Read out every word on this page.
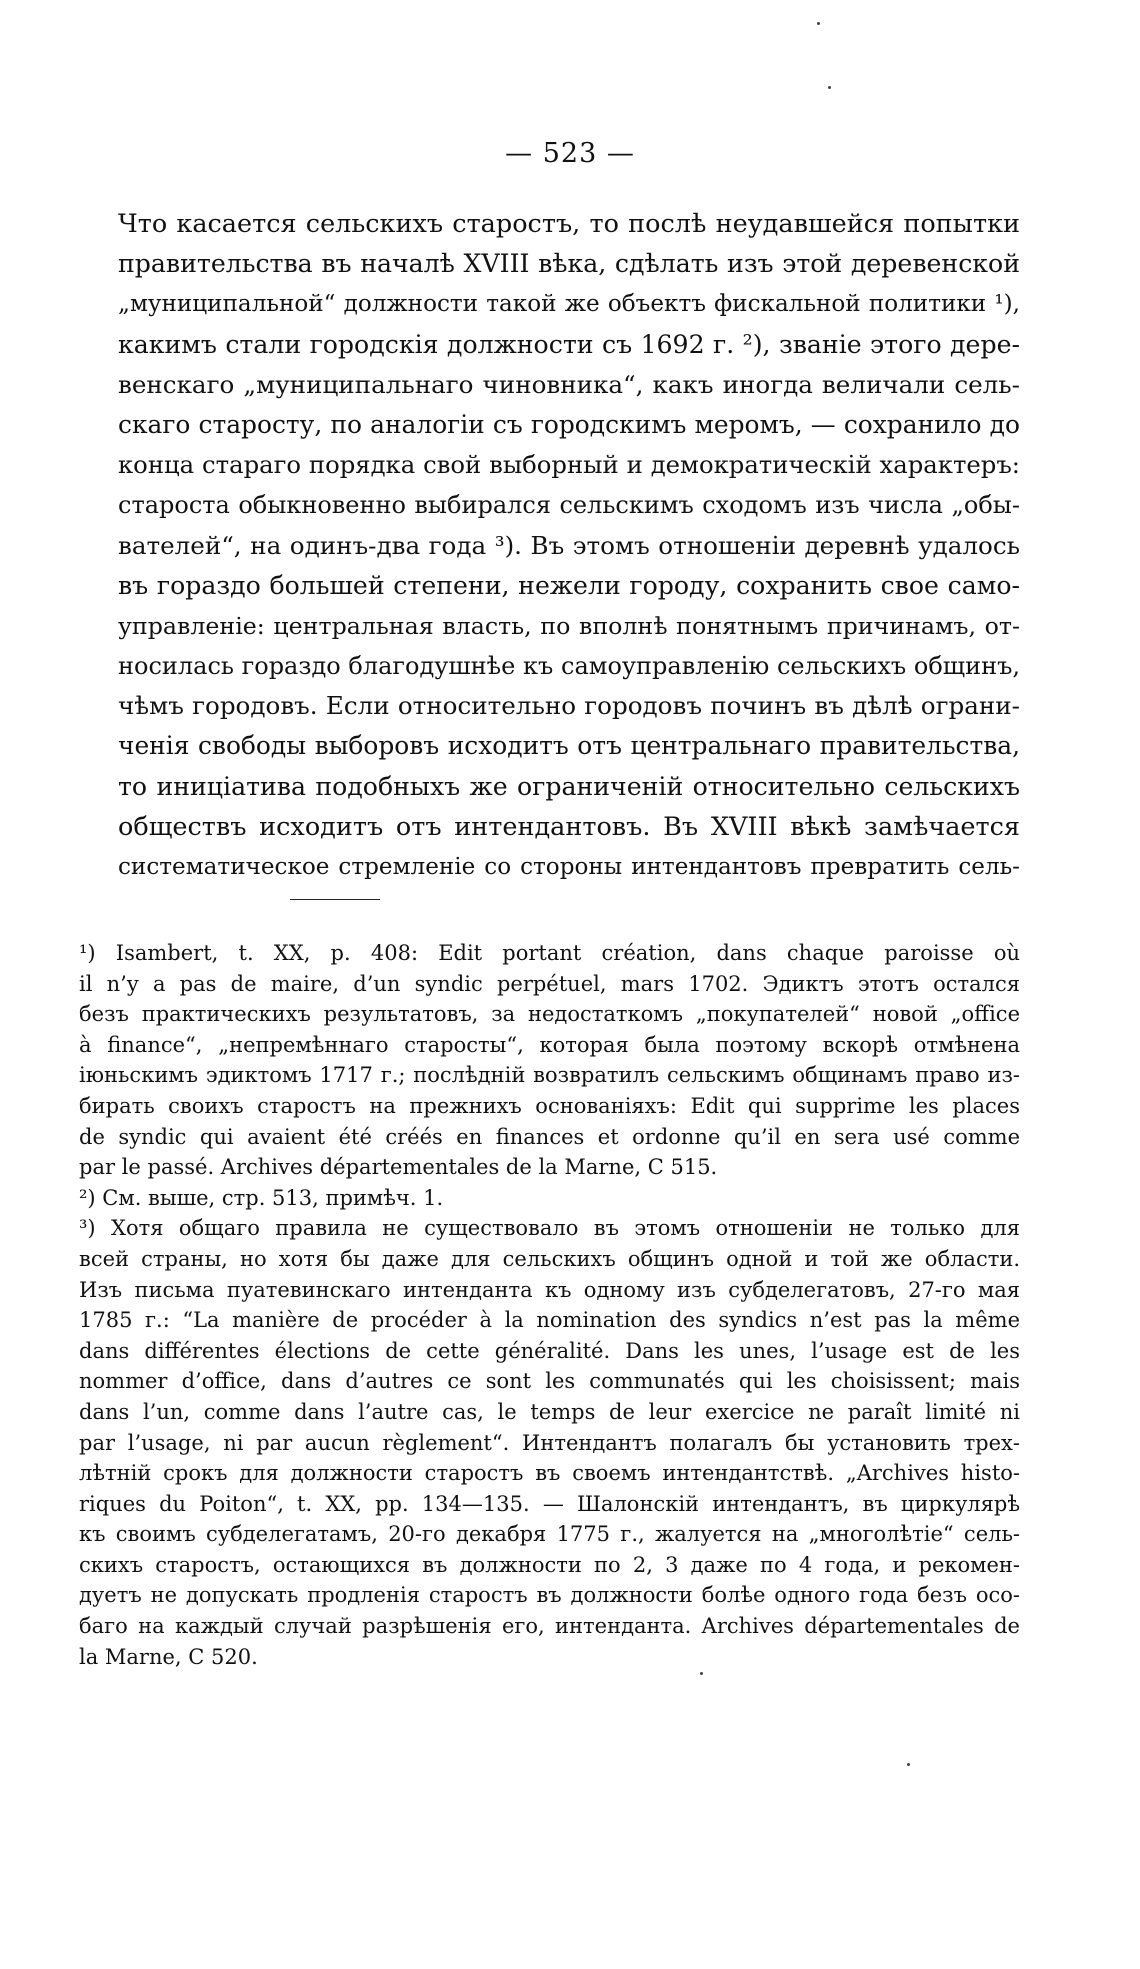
— 523 —
Что касается сельскихъ старостъ, то послѣ неудавшейся попытки
правительства въ началѣ XVIII вѣка, сдѣлать изъ этой деревенской
„муниципальной“ должности такой же объектъ фискальной политики ¹),
какимъ стали городскія должности съ 1692 г. ²), званіе этого дере-
венскаго „муниципальнаго чиновника“, какъ иногда величали сель-
скаго старосту, по аналогіи съ городскимъ меромъ, — сохранило до
конца стараго порядка свой выборный и демократическій характеръ:
староста обыкновенно выбирался сельскимъ сходомъ изъ числа „обы-
вателей“, на одинъ-два года ³). Въ этомъ отношеніи деревнѣ удалось
въ гораздо большей степени, нежели городу, сохранить свое само-
управленіе: центральная власть, по вполнѣ понятнымъ причинамъ, от-
носилась гораздо благодушнѣе къ самоуправленію сельскихъ общинъ,
чѣмъ городовъ. Если относительно городовъ починъ въ дѣлѣ ограни-
ченія свободы выборовъ исходитъ отъ центральнаго правительства,
то иниціатива подобныхъ же ограниченій относительно сельскихъ
обществъ исходитъ отъ интендантовъ. Въ XVIII вѣкѣ замѣчается
систематическое стремленіе со стороны интендантовъ превратить сель-
¹) Isambert, t. XX, p. 408: Edit portant création, dans chaque paroisse où
il n’y a pas de maire, d’un syndic perpétuel, mars 1702. Эдиктъ этотъ остался
безъ практическихъ результатовъ, за недостаткомъ „покупателей“ новой „office
à finance“, „непремѣннаго старосты“, которая была поэтому вскорѣ отмѣнена
іюньскимъ эдиктомъ 1717 г.; послѣдній возвратилъ сельскимъ общинамъ право из-
бирать своихъ старостъ на прежнихъ основаніяхъ: Edit qui supprime les places
de syndic qui avaient été créés en finances et ordonne qu’il en sera usé comme
par le passé. Archives départementales de la Marne, C 515.
²) См. выше, стр. 513, примѣч. 1.
³) Хотя общаго правила не существовало въ этомъ отношеніи не только для
всей страны, но хотя бы даже для сельскихъ общинъ одной и той же области.
Изъ письма пуатевинскаго интенданта къ одному изъ субделегатовъ, 27-го мая
1785 г.: “La manière de procéder à la nomination des syndics n’est pas la même
dans différentes élections de cette généralité. Dans les unes, l’usage est de les
nommer d’office, dans d’autres ce sont les communatés qui les choisissent; mais
dans l’un, comme dans l’autre cas, le temps de leur exercice ne paraît limité ni
par l’usage, ni par aucun règlement“. Интендантъ полагалъ бы установить трех-
лѣтній срокъ для должности старостъ въ своемъ интендантствѣ. „Archives histo-
riques du Poiton“, t. XX, pp. 134—135. — Шалонскій интендантъ, въ циркулярѣ
къ своимъ субделегатамъ, 20-го декабря 1775 г., жалуется на „многолѣтіе“ сель-
скихъ старостъ, остающихся въ должности по 2, 3 даже по 4 года, и рекомен-
дуетъ не допускать продленія старостъ въ должности болѣе одного года безъ осо-
баго на каждый случай разрѣшенія его, интенданта. Archives départementales de
la Marne, C 520.
